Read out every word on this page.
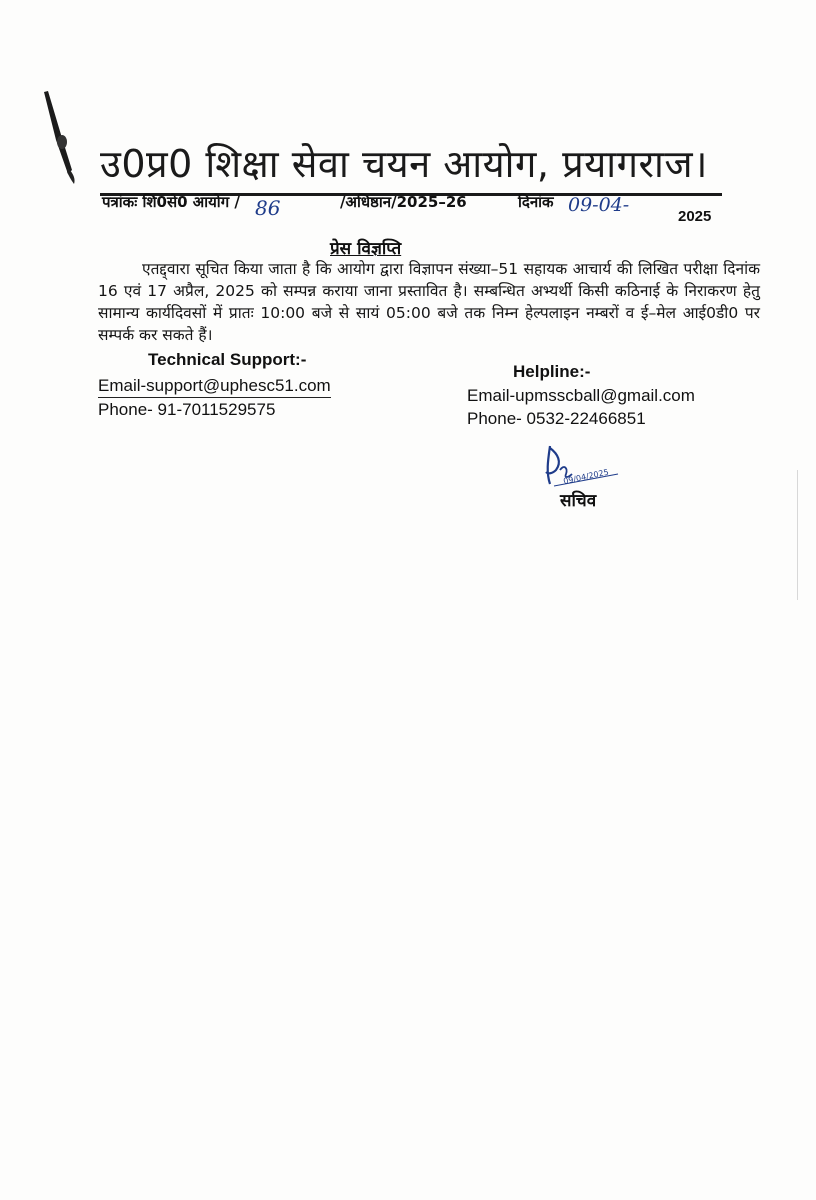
उ0प्र0 शिक्षा सेवा चयन आयोग, प्रयागराज।
पत्रांकः शि0से0 आयोग / 86	/अधिष्ठान/2025–26	दिनांक 09-04-
2025
प्रेस विज्ञप्ति
एतद्द्वारा सूचित किया जाता है कि आयोग द्वारा विज्ञापन संख्या–51 सहायक आचार्य की लिखित परीक्षा दिनांक 16 एवं 17 अप्रैल, 2025 को सम्पन्न कराया जाना प्रस्तावित है। सम्बन्धित अभ्यर्थी किसी कठिनाई के निराकरण हेतु सामान्य कार्यदिवसों में प्रातः 10:00 बजे से सायं 05:00 बजे तक निम्न हेल्पलाइन नम्बरों व ई–मेल आई0डी0 पर सम्पर्क कर सकते हैं।
Technical Support:-
Email-support@uphesc51.com
Phone- 91-7011529575
Helpline:-
Email-upmsscball@gmail.com
Phone- 0532-22466851
09/04/2025
सचिव
